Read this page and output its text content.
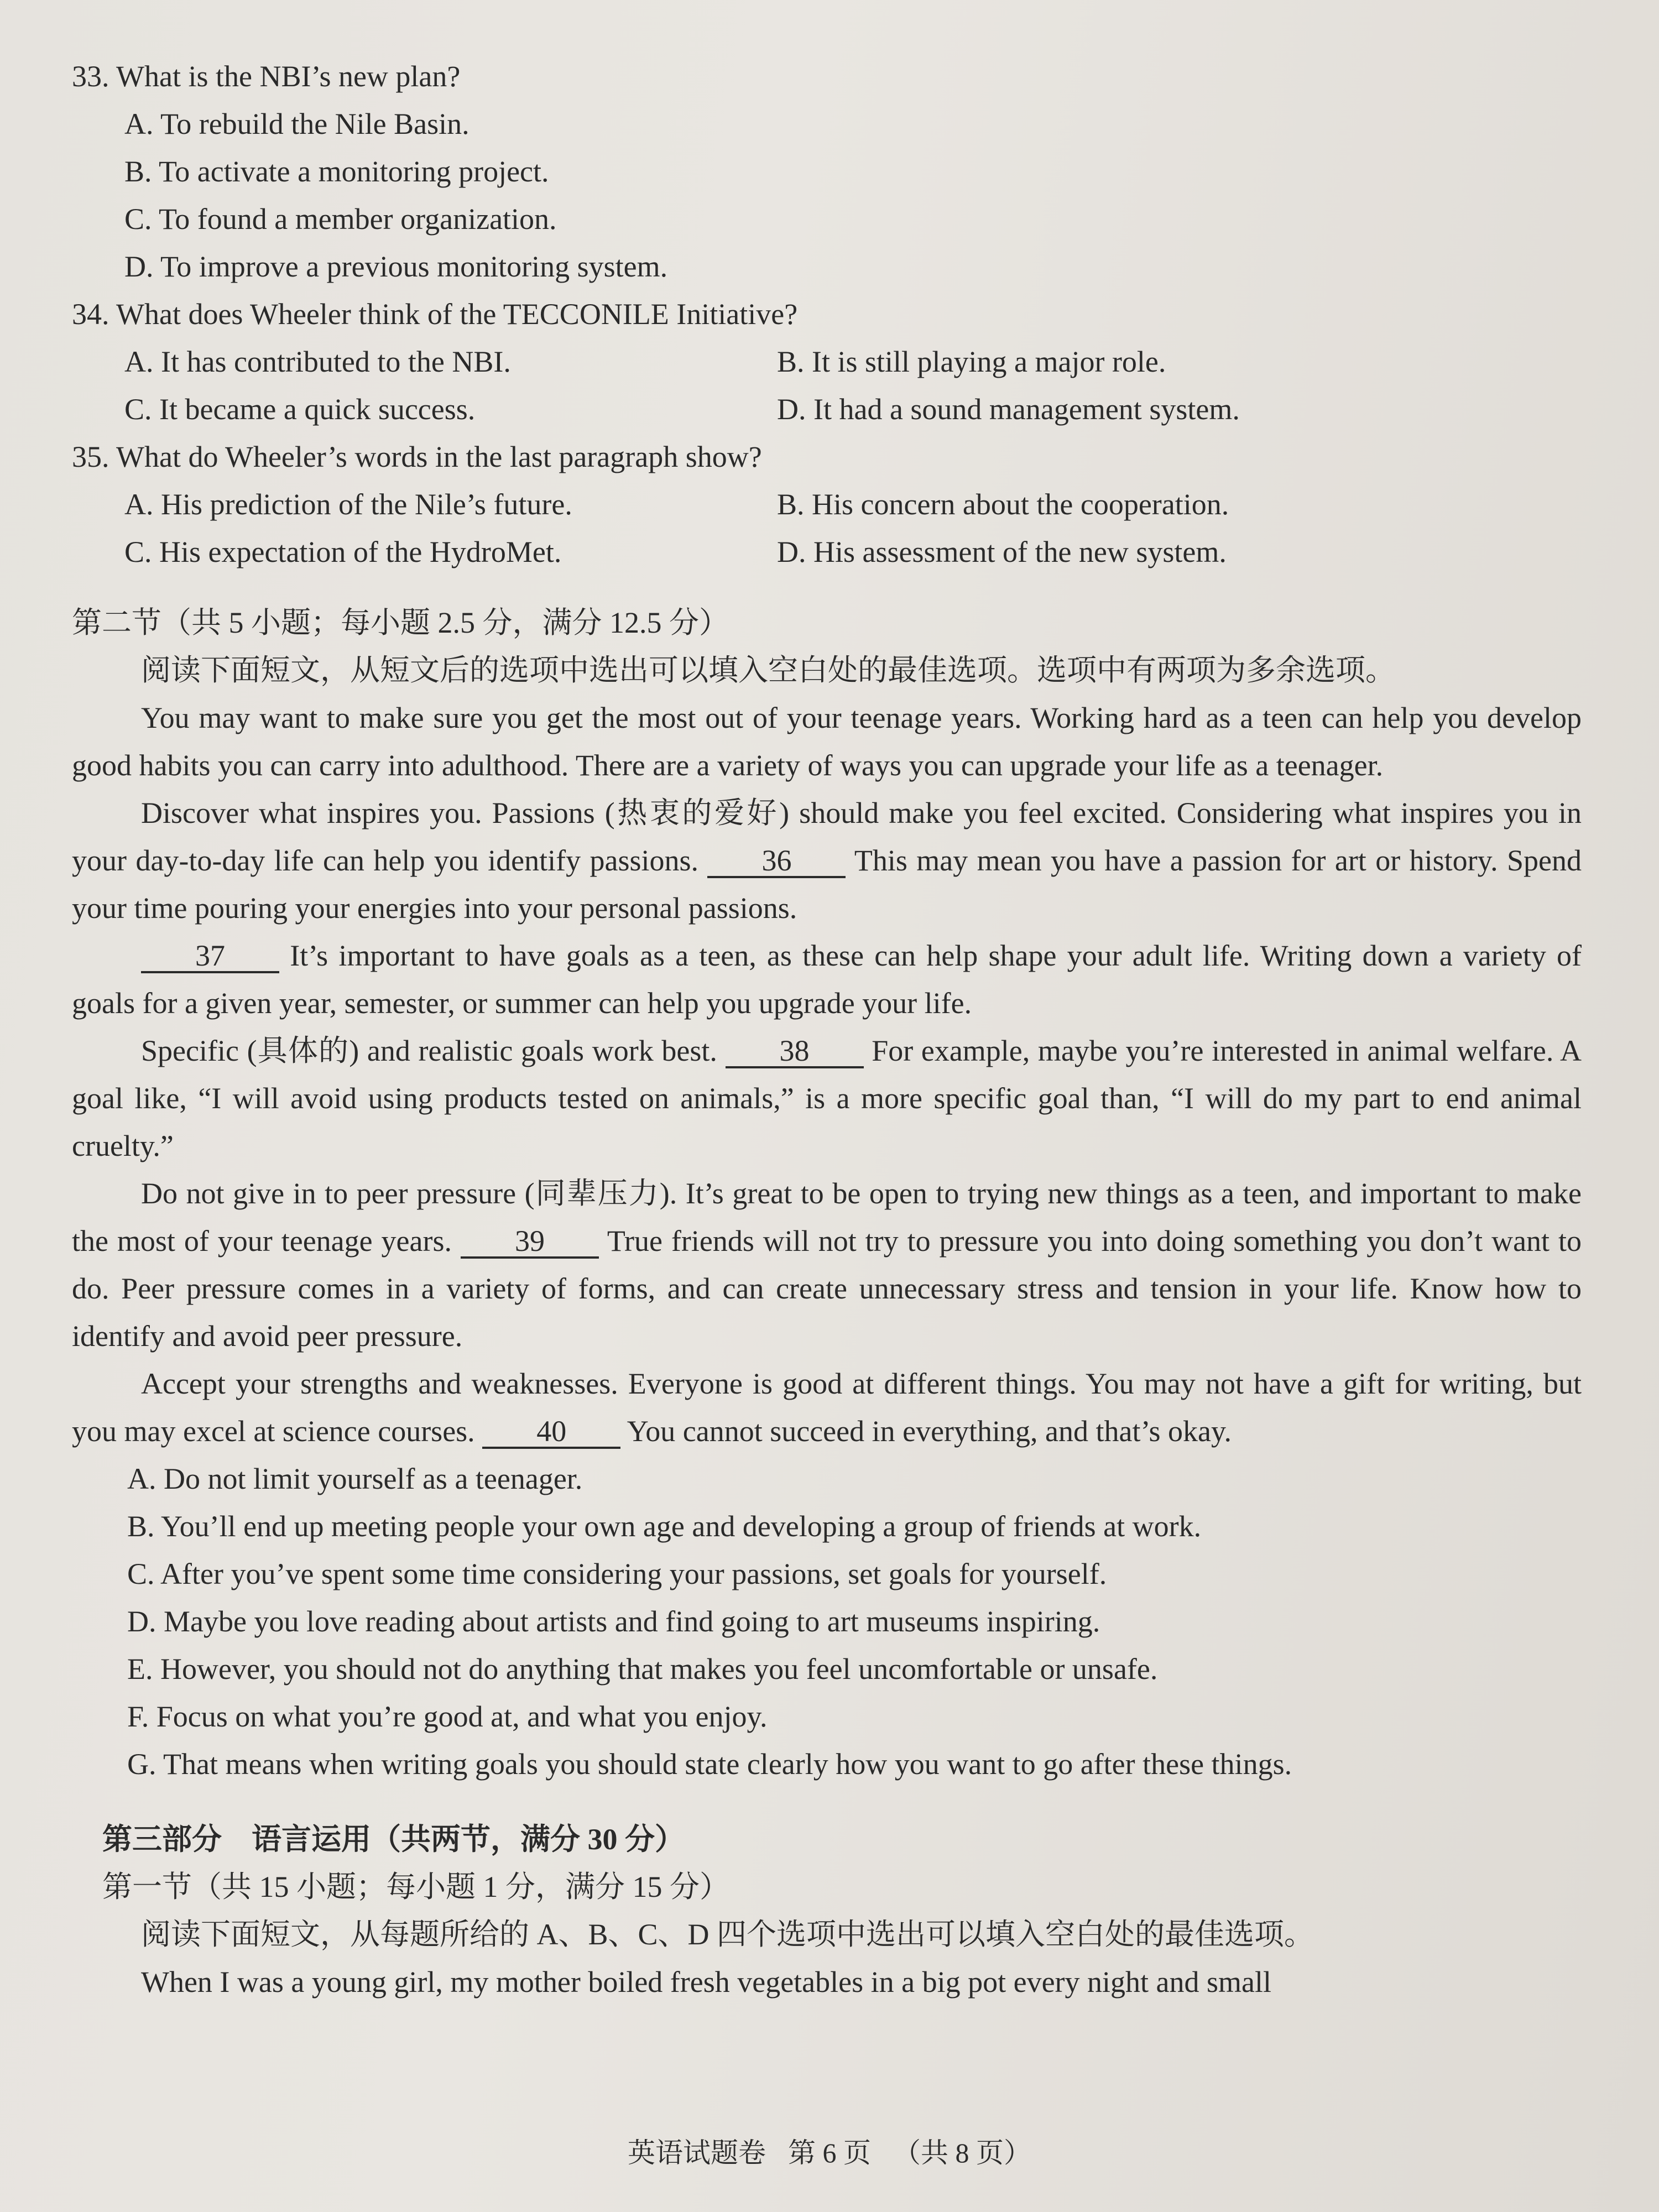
33. What is the NBI’s new plan?
A. To rebuild the Nile Basin.
B. To activate a monitoring project.
C. To found a member organization.
D. To improve a previous monitoring system.
34. What does Wheeler think of the TECCONILE Initiative?
A. It has contributed to the NBI.	B. It is still playing a major role.
C. It became a quick success.	D. It had a sound management system.
35. What do Wheeler’s words in the last paragraph show?
A. His prediction of the Nile’s future.	B. His concern about the cooperation.
C. His expectation of the HydroMet.	D. His assessment of the new system.
第二节（共 5 小题；每小题 2.5 分，满分 12.5 分）

阅读下面短文，从短文后的选项中选出可以填入空白处的最佳选项。选项中有两项为多余选项。

You may want to make sure you get the most out of your teenage years. Working hard as a teen can help you develop good habits you can carry into adulthood. There are a variety of ways you can upgrade your life as a teenager.

Discover what inspires you. Passions (热衷的爱好) should make you feel excited. Considering what inspires you in your day-to-day life can help you identify passions. 36 This may mean you have a passion for art or history. Spend your time pouring your energies into your personal passions.

37 It’s important to have goals as a teen, as these can help shape your adult life. Writing down a variety of goals for a given year, semester, or summer can help you upgrade your life.

Specific (具体的) and realistic goals work best. 38 For example, maybe you’re interested in animal welfare. A goal like, “I will avoid using products tested on animals,” is a more specific goal than, “I will do my part to end animal cruelty.”

Do not give in to peer pressure (同辈压力). It’s great to be open to trying new things as a teen, and important to make the most of your teenage years. 39 True friends will not try to pressure you into doing something you don’t want to do. Peer pressure comes in a variety of forms, and can create unnecessary stress and tension in your life. Know how to identify and avoid peer pressure.

Accept your strengths and weaknesses. Everyone is good at different things. You may not have a gift for writing, but you may excel at science courses. 40 You cannot succeed in everything, and that’s okay.

A. Do not limit yourself as a teenager.
B. You’ll end up meeting people your own age and developing a group of friends at work.
C. After you’ve spent some time considering your passions, set goals for yourself.
D. Maybe you love reading about artists and find going to art museums inspiring.
E. However, you should not do anything that makes you feel uncomfortable or unsafe.
F. Focus on what you’re good at, and what you enjoy.
G. That means when writing goals you should state clearly how you want to go after these things.
第三部分　语言运用（共两节，满分 30 分）
第一节（共 15 小题；每小题 1 分，满分 15 分）

阅读下面短文，从每题所给的 A、B、C、D 四个选项中选出可以填入空白处的最佳选项。

When I was a young girl, my mother boiled fresh vegetables in a big pot every night and small

英语试题卷 第 6 页 （共 8 页）
